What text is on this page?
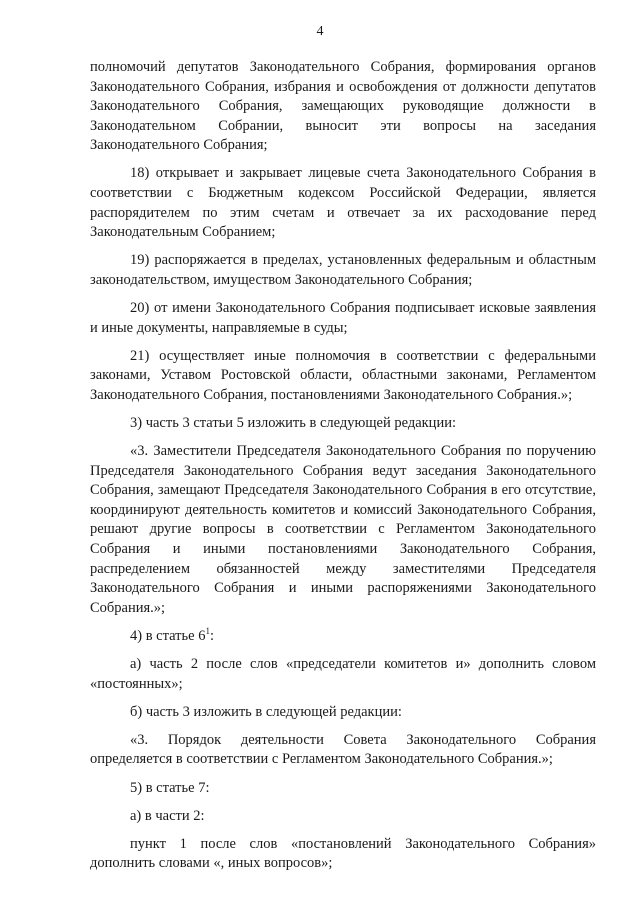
4

полномочий депутатов Законодательного Собрания, формирования органов Законодательного Собрания, избрания и освобождения от должности депутатов Законодательного Собрания, замещающих руководящие должности в Законодательном Собрании, выносит эти вопросы на заседания Законодательного Собрания;

18) открывает и закрывает лицевые счета Законодательного Собрания в соответствии с Бюджетным кодексом Российской Федерации, является распорядителем по этим счетам и отвечает за их расходование перед Законодательным Собранием;

19) распоряжается в пределах, установленных федеральным и областным законодательством, имуществом Законодательного Собрания;

20) от имени Законодательного Собрания подписывает исковые заявления и иные документы, направляемые в суды;

21) осуществляет иные полномочия в соответствии с федеральными законами, Уставом Ростовской области, областными законами, Регламентом Законодательного Собрания, постановлениями Законодательного Собрания.»;

3) часть 3 статьи 5 изложить в следующей редакции:

«3. Заместители Председателя Законодательного Собрания по поручению Председателя Законодательного Собрания ведут заседания Законодательного Собрания, замещают Председателя Законодательного Собрания в его отсутствие, координируют деятельность комитетов и комиссий Законодательного Собрания, решают другие вопросы в соответствии с Регламентом Законодательного Собрания и иными постановлениями Законодательного Собрания, распределением обязанностей между заместителями Председателя Законодательного Собрания и иными распоряжениями Законодательного Собрания.»;

4) в статье $6^1$:

а) часть 2 после слов «председатели комитетов и» дополнить словом «постоянных»;

б) часть 3 изложить в следующей редакции:

«3. Порядок деятельности Совета Законодательного Собрания определяется в соответствии с Регламентом Законодательного Собрания.»;

5) в статье 7:

а) в части 2:

пункт 1 после слов «постановлений Законодательного Собрания» дополнить словами «, иных вопросов»;
